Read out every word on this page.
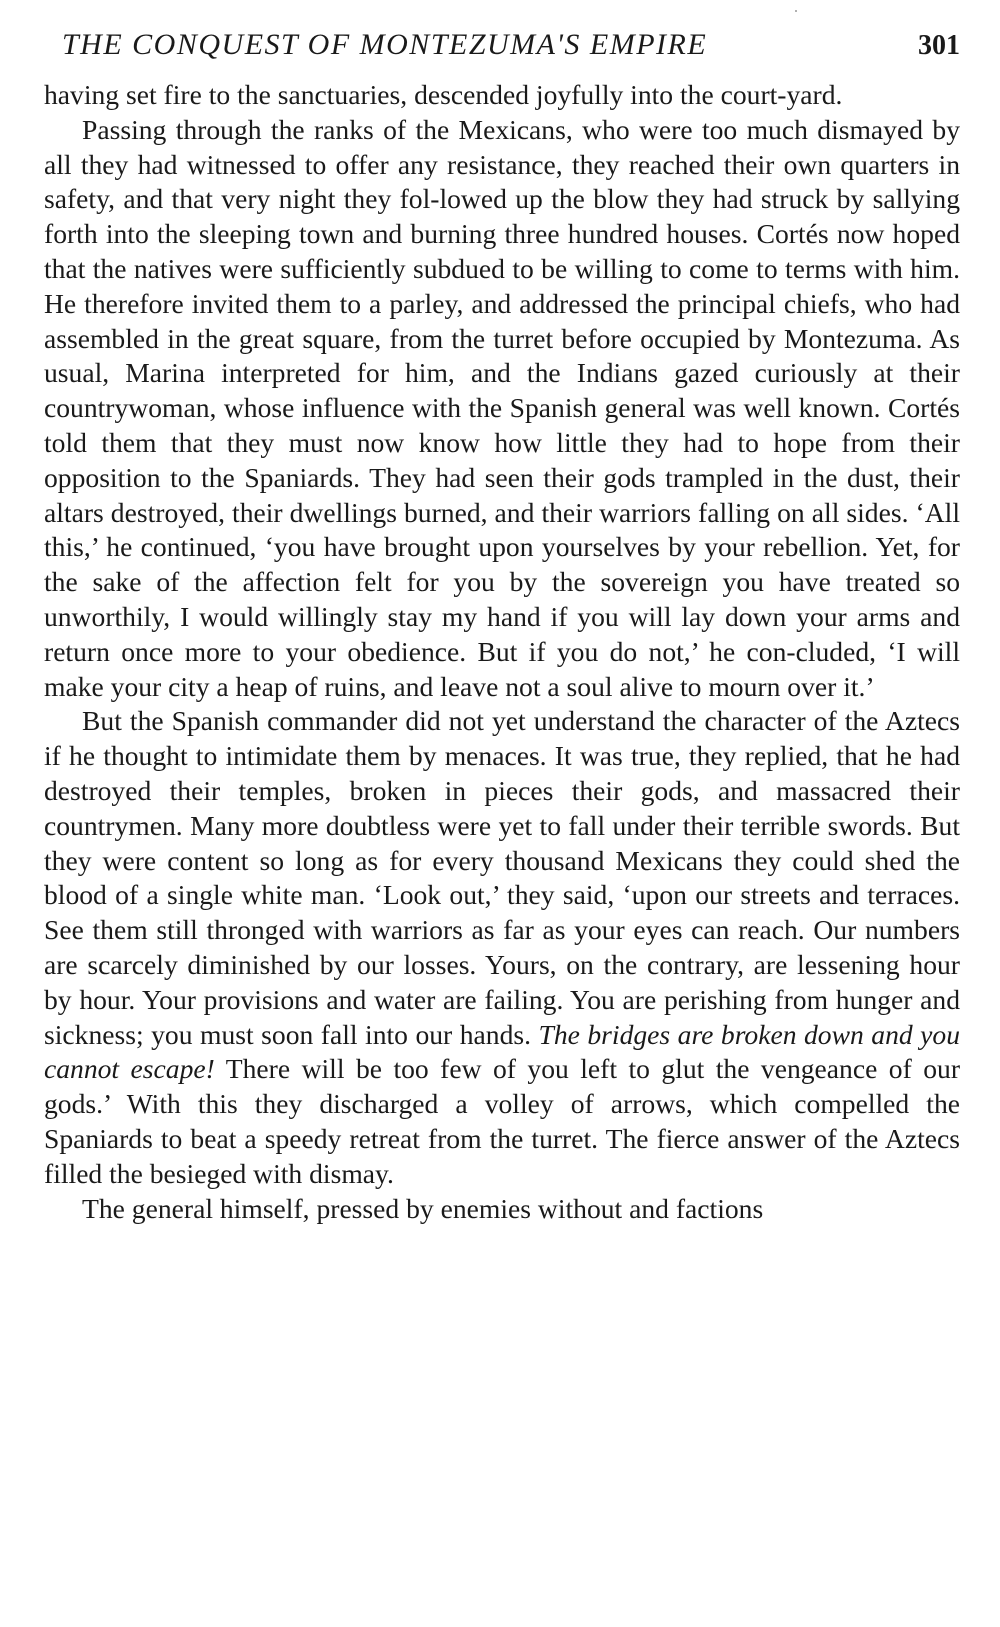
THE CONQUEST OF MONTEZUMA'S EMPIRE	301

having set fire to the sanctuaries, descended joyfully into the court-yard.

Passing through the ranks of the Mexicans, who were too much dismayed by all they had witnessed to offer any resistance, they reached their own quarters in safety, and that very night they fol-lowed up the blow they had struck by sallying forth into the sleeping town and burning three hundred houses. Cortés now hoped that the natives were sufficiently subdued to be willing to come to terms with him. He therefore invited them to a parley, and addressed the principal chiefs, who had assembled in the great square, from the turret before occupied by Montezuma. As usual, Marina interpreted for him, and the Indians gazed curiously at their countrywoman, whose influence with the Spanish general was well known. Cortés told them that they must now know how little they had to hope from their opposition to the Spaniards. They had seen their gods trampled in the dust, their altars destroyed, their dwellings burned, and their warriors falling on all sides. ‘All this,’ he continued, ‘you have brought upon yourselves by your rebellion. Yet, for the sake of the affection felt for you by the sovereign you have treated so unworthily, I would willingly stay my hand if you will lay down your arms and return once more to your obedience. But if you do not,’ he con-cluded, ‘I will make your city a heap of ruins, and leave not a soul alive to mourn over it.’

But the Spanish commander did not yet understand the character of the Aztecs if he thought to intimidate them by menaces. It was true, they replied, that he had destroyed their temples, broken in pieces their gods, and massacred their countrymen. Many more doubtless were yet to fall under their terrible swords. But they were content so long as for every thousand Mexicans they could shed the blood of a single white man. ‘Look out,’ they said, ‘upon our streets and terraces. See them still thronged with warriors as far as your eyes can reach. Our numbers are scarcely diminished by our losses. Yours, on the contrary, are lessening hour by hour. Your provisions and water are failing. You are perishing from hunger and sickness; you must soon fall into our hands. The bridges are broken down and you cannot escape! There will be too few of you left to glut the vengeance of our gods.’ With this they discharged a volley of arrows, which compelled the Spaniards to beat a speedy retreat from the turret. The fierce answer of the Aztecs filled the besieged with dismay.

The general himself, pressed by enemies without and factions
